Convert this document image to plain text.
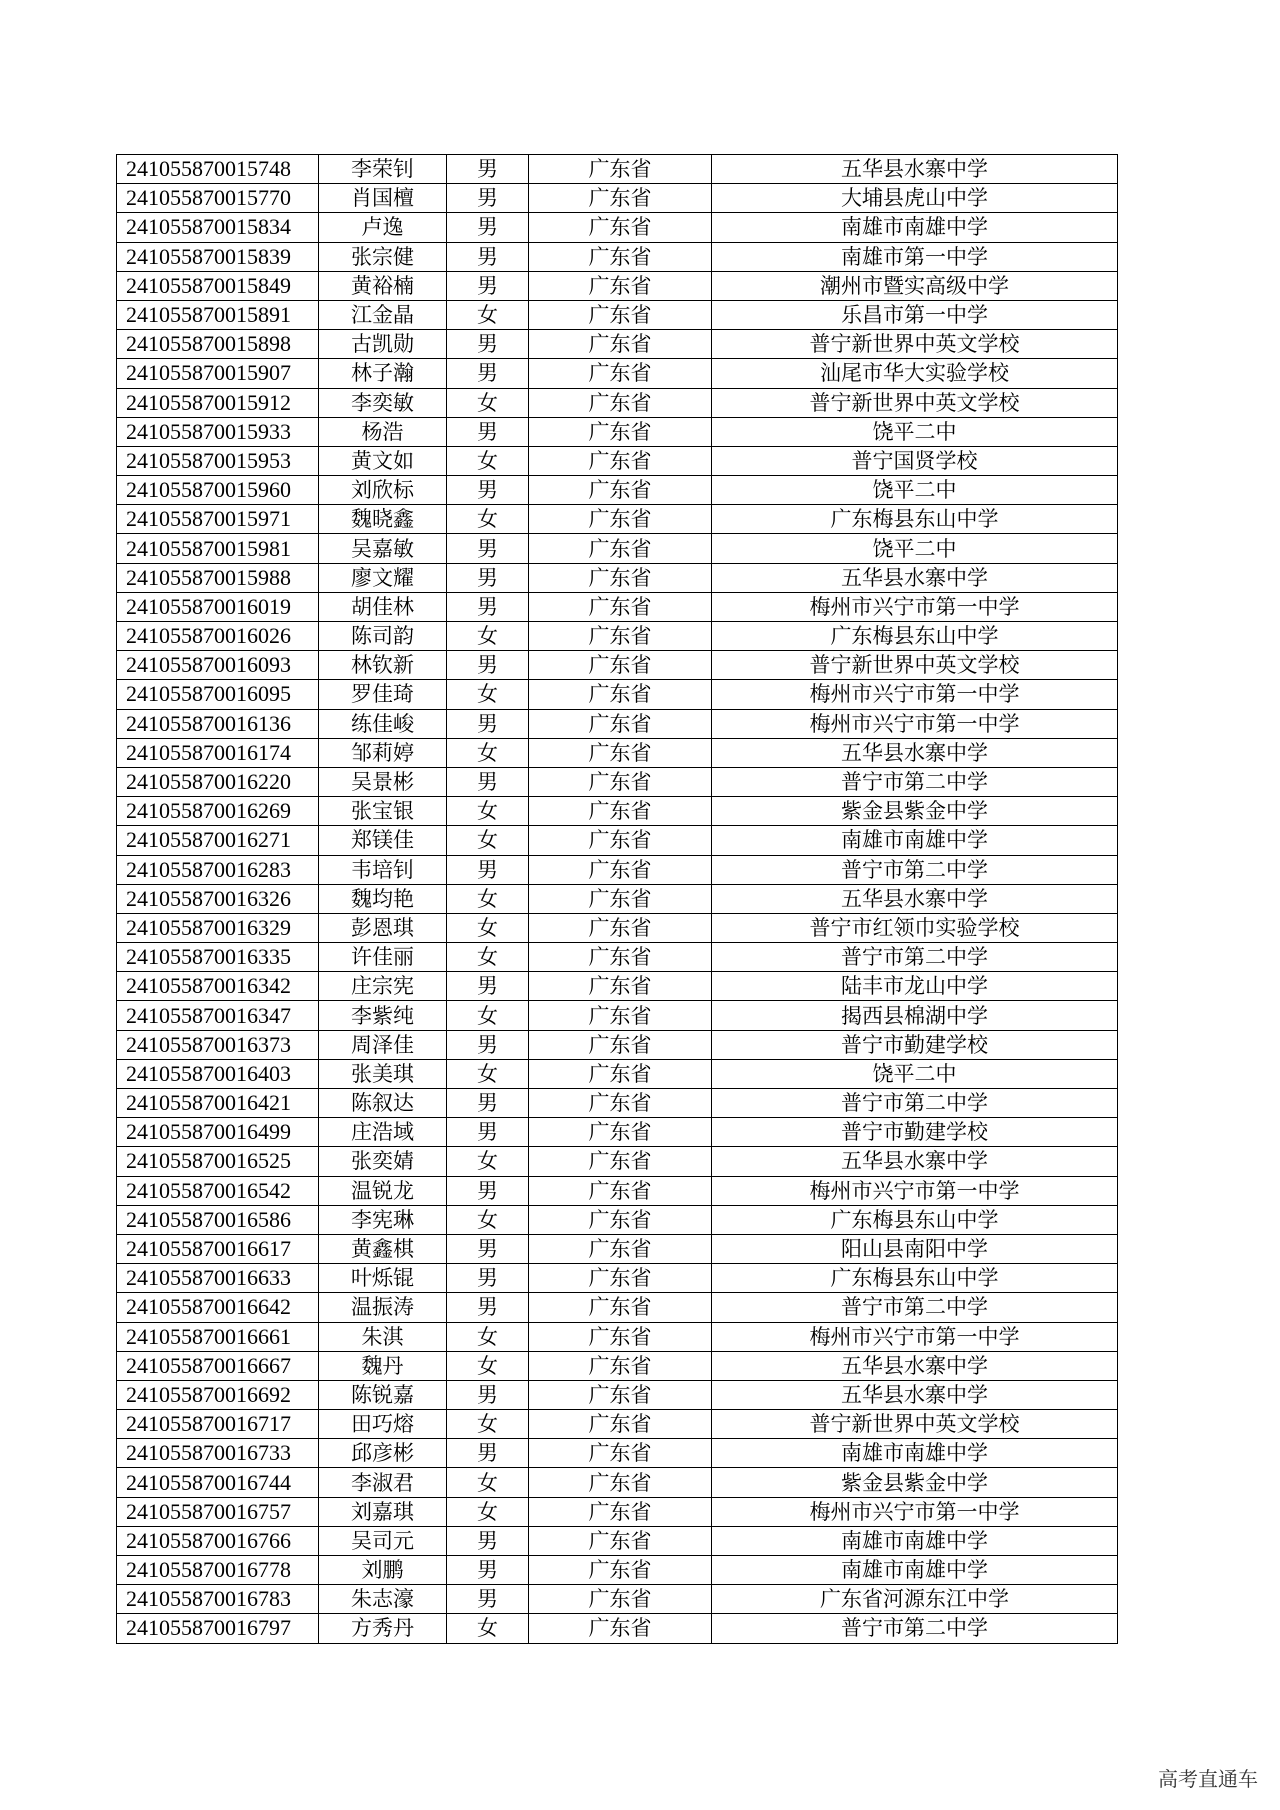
241055870015748	李荣钊	男	广东省	五华县水寨中学
241055870015770	肖国檀	男	广东省	大埔县虎山中学
241055870015834	卢逸	男	广东省	南雄市南雄中学
241055870015839	张宗健	男	广东省	南雄市第一中学
241055870015849	黄裕楠	男	广东省	潮州市暨实高级中学
241055870015891	江金晶	女	广东省	乐昌市第一中学
241055870015898	古凯勋	男	广东省	普宁新世界中英文学校
241055870015907	林子瀚	男	广东省	汕尾市华大实验学校
241055870015912	李奕敏	女	广东省	普宁新世界中英文学校
241055870015933	杨浩	男	广东省	饶平二中
241055870015953	黄文如	女	广东省	普宁国贤学校
241055870015960	刘欣标	男	广东省	饶平二中
241055870015971	魏晓鑫	女	广东省	广东梅县东山中学
241055870015981	吴嘉敏	男	广东省	饶平二中
241055870015988	廖文耀	男	广东省	五华县水寨中学
241055870016019	胡佳林	男	广东省	梅州市兴宁市第一中学
241055870016026	陈司韵	女	广东省	广东梅县东山中学
241055870016093	林钦新	男	广东省	普宁新世界中英文学校
241055870016095	罗佳琦	女	广东省	梅州市兴宁市第一中学
241055870016136	练佳峻	男	广东省	梅州市兴宁市第一中学
241055870016174	邹莉婷	女	广东省	五华县水寨中学
241055870016220	吴景彬	男	广东省	普宁市第二中学
241055870016269	张宝银	女	广东省	紫金县紫金中学
241055870016271	郑镁佳	女	广东省	南雄市南雄中学
241055870016283	韦培钊	男	广东省	普宁市第二中学
241055870016326	魏均艳	女	广东省	五华县水寨中学
241055870016329	彭恩琪	女	广东省	普宁市红领巾实验学校
241055870016335	许佳丽	女	广东省	普宁市第二中学
241055870016342	庄宗宪	男	广东省	陆丰市龙山中学
241055870016347	李紫纯	女	广东省	揭西县棉湖中学
241055870016373	周泽佳	男	广东省	普宁市勤建学校
241055870016403	张美琪	女	广东省	饶平二中
241055870016421	陈叙达	男	广东省	普宁市第二中学
241055870016499	庄浩域	男	广东省	普宁市勤建学校
241055870016525	张奕婧	女	广东省	五华县水寨中学
241055870016542	温锐龙	男	广东省	梅州市兴宁市第一中学
241055870016586	李宪琳	女	广东省	广东梅县东山中学
241055870016617	黄鑫棋	男	广东省	阳山县南阳中学
241055870016633	叶烁锟	男	广东省	广东梅县东山中学
241055870016642	温振涛	男	广东省	普宁市第二中学
241055870016661	朱淇	女	广东省	梅州市兴宁市第一中学
241055870016667	魏丹	女	广东省	五华县水寨中学
241055870016692	陈锐嘉	男	广东省	五华县水寨中学
241055870016717	田巧熔	女	广东省	普宁新世界中英文学校
241055870016733	邱彦彬	男	广东省	南雄市南雄中学
241055870016744	李淑君	女	广东省	紫金县紫金中学
241055870016757	刘嘉琪	女	广东省	梅州市兴宁市第一中学
241055870016766	吴司元	男	广东省	南雄市南雄中学
241055870016778	刘鹏	男	广东省	南雄市南雄中学
241055870016783	朱志濠	男	广东省	广东省河源东江中学
241055870016797	方秀丹	女	广东省	普宁市第二中学
高考直通车
